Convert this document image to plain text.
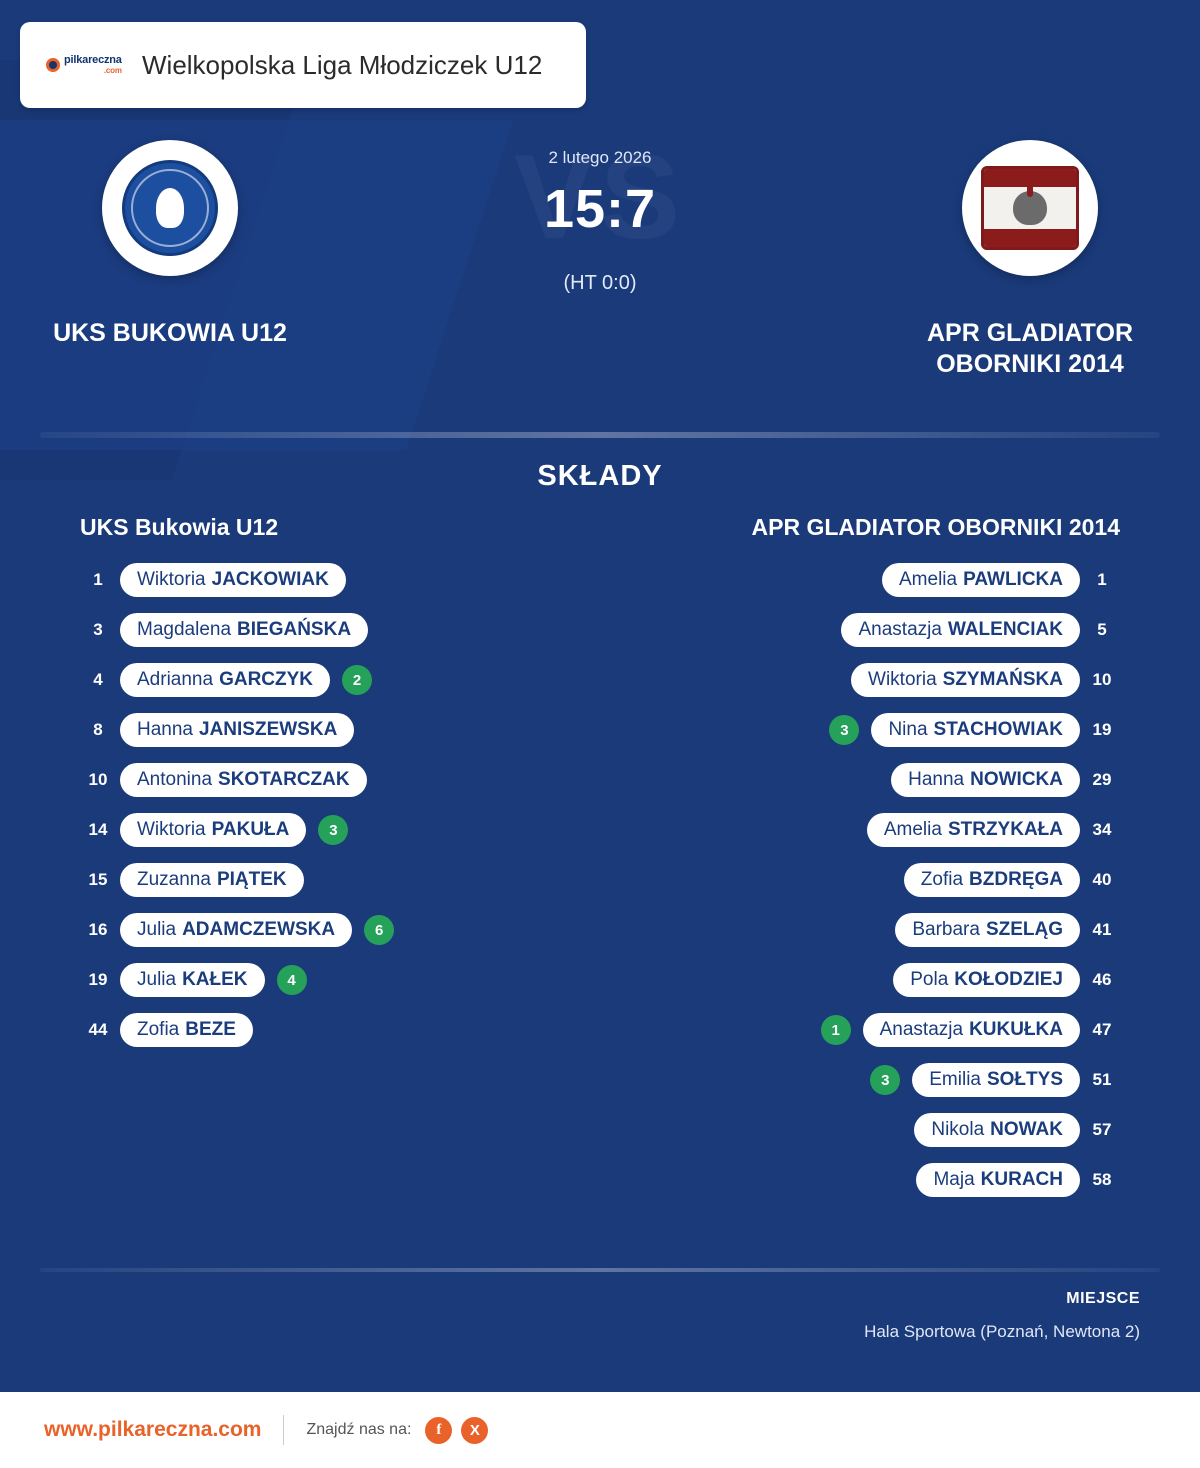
pilkareczna
.com Wielkopolska Liga Młodziczek U12
2 lutego 2026
15:7
(HT 0:0)
UKS BUKOWIA U12	APR GLADIATOR OBORNIKI 2014
SKŁADY
UKS Bukowia U12	APR GLADIATOR OBORNIKI 2014
1	Wiktoria JACKOWIAK
3	Magdalena BIEGAŃSKA
4	Adrianna GARCZYK	2
8	Hanna JANISZEWSKA
10	Antonina SKOTARCZAK
14	Wiktoria PAKUŁA	3
15	Zuzanna PIĄTEK
16	Julia ADAMCZEWSKA	6
19	Julia KAŁEK	4
44	Zofia BEZE
Amelia PAWLICKA	1
Anastazja WALENCIAK	5
Wiktoria SZYMAŃSKA	10
3	Nina STACHOWIAK	19
Hanna NOWICKA	29
Amelia STRZYKAŁA	34
Zofia BZDRĘGA	40
Barbara SZELĄG	41
Pola KOŁODZIEJ	46
1	Anastazja KUKUŁKA	47
3	Emilia SOŁTYS	51
Nikola NOWAK	57
Maja KURACH	58
MIEJSCE
Hala Sportowa (Poznań, Newtona 2)
www.pilkareczna.com	Znajdź nas na:	f	X
